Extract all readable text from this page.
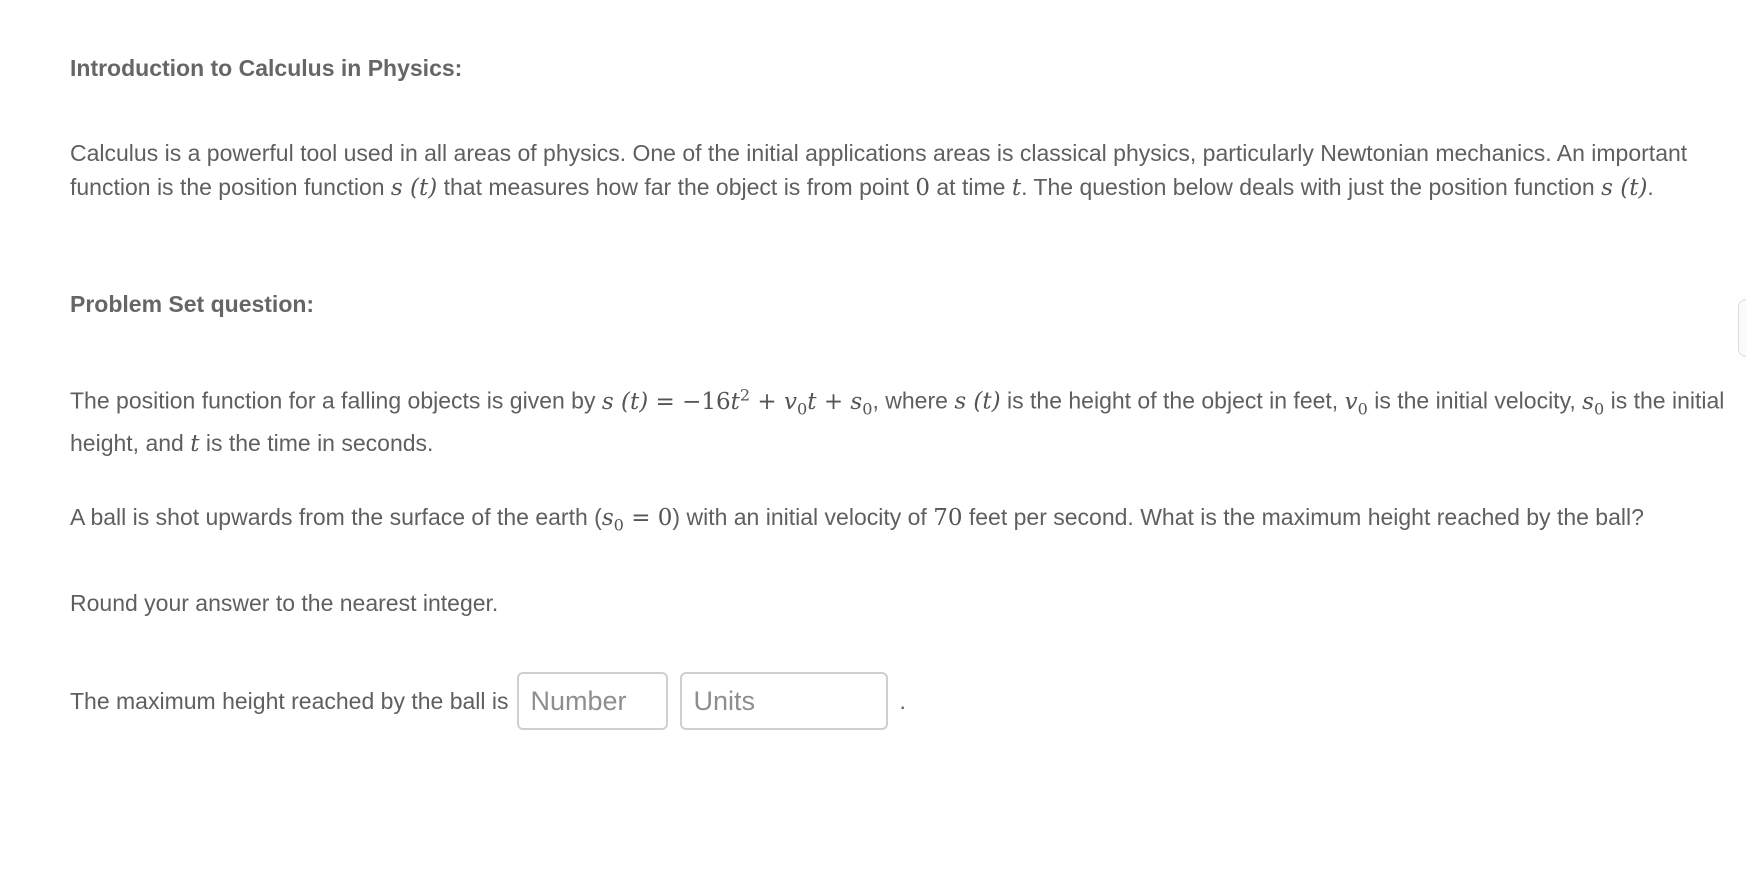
Introduction to Calculus in Physics:
Calculus is a powerful tool used in all areas of physics. One of the initial applications areas is classical physics, particularly Newtonian mechanics. An important function is the position function s (t) that measures how far the object is from point 0 at time t. The question below deals with just the position function s (t).
Problem Set question:
The position function for a falling objects is given by s $(t) = -16t^2 + v_0t + s_0$, where s (t) is the height of the object in feet, $v_0$ is the initial velocity, $s_0$ is the initial height, and t is the time in seconds.
A ball is shot upwards from the surface of the earth $(s_0 = 0)$ with an initial velocity of 70 feet per second. What is the maximum height reached by the ball?
Round your answer to the nearest integer.
The maximum height reached by the ball is
Number
Units	.
